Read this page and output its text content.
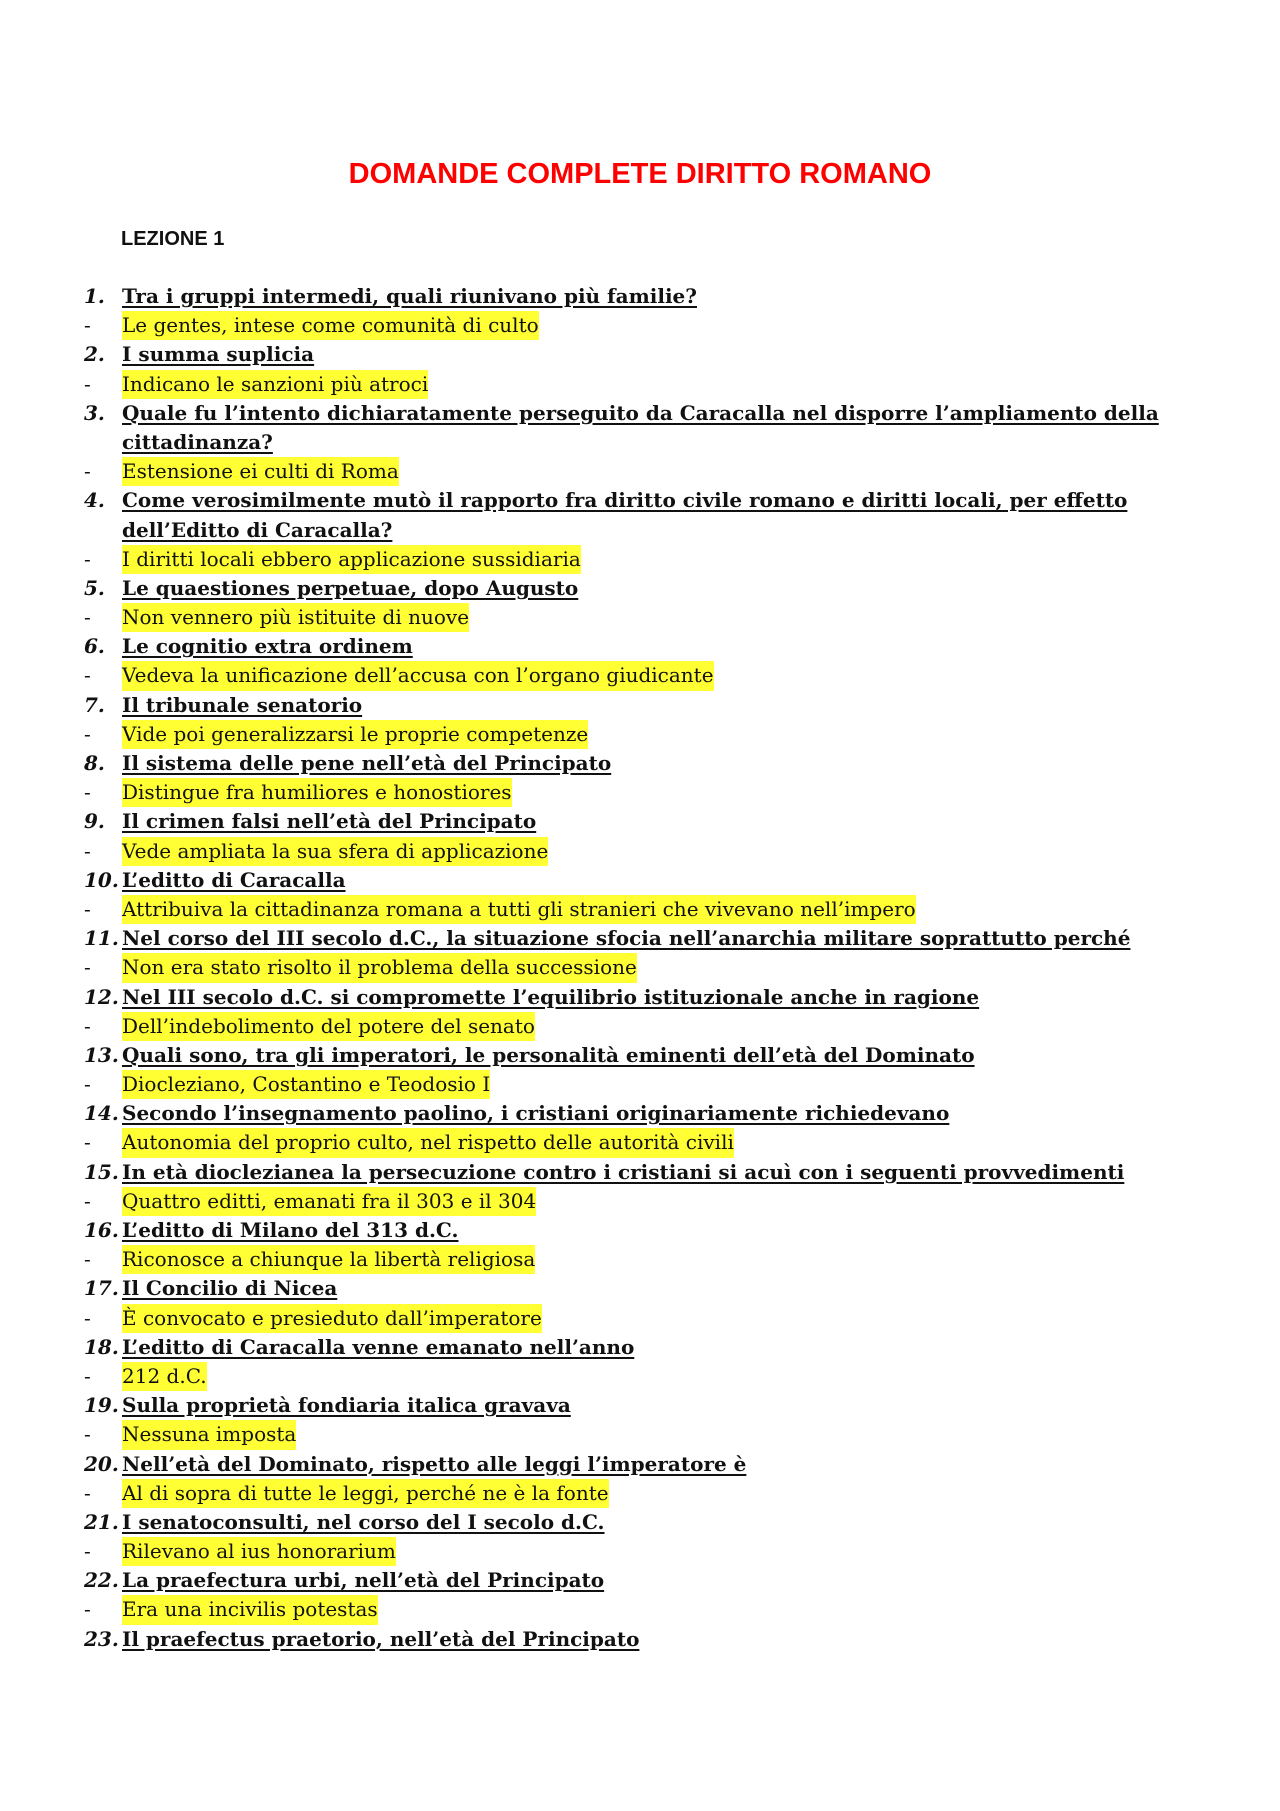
DOMANDE COMPLETE DIRITTO ROMANO
LEZIONE 1
1. Tra i gruppi intermedi, quali riunivano più familie?
-	Le gentes, intese come comunità di culto
2. I summa suplicia
-	Indicano le sanzioni più atroci
3. Quale fu l’intento dichiaratamente perseguito da Caracalla nel disporre l’ampliamento della
cittadinanza?
-	Estensione ei culti di Roma
4. Come verosimilmente mutò il rapporto fra diritto civile romano e diritti locali, per effetto
dell’Editto di Caracalla?
-	I diritti locali ebbero applicazione sussidiaria
5. Le quaestiones perpetuae, dopo Augusto
-	Non vennero più istituite di nuove
6. Le cognitio extra ordinem
-	Vedeva la unificazione dell’accusa con l’organo giudicante
7. Il tribunale senatorio
-	Vide poi generalizzarsi le proprie competenze
8. Il sistema delle pene nell’età del Principato
-	Distingue fra humiliores e honostiores
9. Il crimen falsi nell’età del Principato
-	Vede ampliata la sua sfera di applicazione
10. L’editto di Caracalla
-	Attribuiva la cittadinanza romana a tutti gli stranieri che vivevano nell’impero
11. Nel corso del III secolo d.C., la situazione sfocia nell’anarchia militare soprattutto perché
-	Non era stato risolto il problema della successione
12. Nel III secolo d.C. si compromette l’equilibrio istituzionale anche in ragione
-	Dell’indebolimento del potere del senato
13. Quali sono, tra gli imperatori, le personalità eminenti dell’età del Dominato
-	Diocleziano, Costantino e Teodosio I
14. Secondo l’insegnamento paolino, i cristiani originariamente richiedevano
-	Autonomia del proprio culto, nel rispetto delle autorità civili
15. In età dioclezianea la persecuzione contro i cristiani si acuì con i seguenti provvedimenti
-	Quattro editti, emanati fra il 303 e il 304
16. L’editto di Milano del 313 d.C.
-	Riconosce a chiunque la libertà religiosa
17. Il Concilio di Nicea
-	È convocato e presieduto dall’imperatore
18. L’editto di Caracalla venne emanato nell’anno
-	212 d.C.
19. Sulla proprietà fondiaria italica gravava
-	Nessuna imposta
20. Nell’età del Dominato, rispetto alle leggi l’imperatore è
-	Al di sopra di tutte le leggi, perché ne è la fonte
21. I senatoconsulti, nel corso del I secolo d.C.
-	Rilevano al ius honorarium
22. La praefectura urbi, nell’età del Principato
-	Era una incivilis potestas
23. Il praefectus praetorio, nell’età del Principato
